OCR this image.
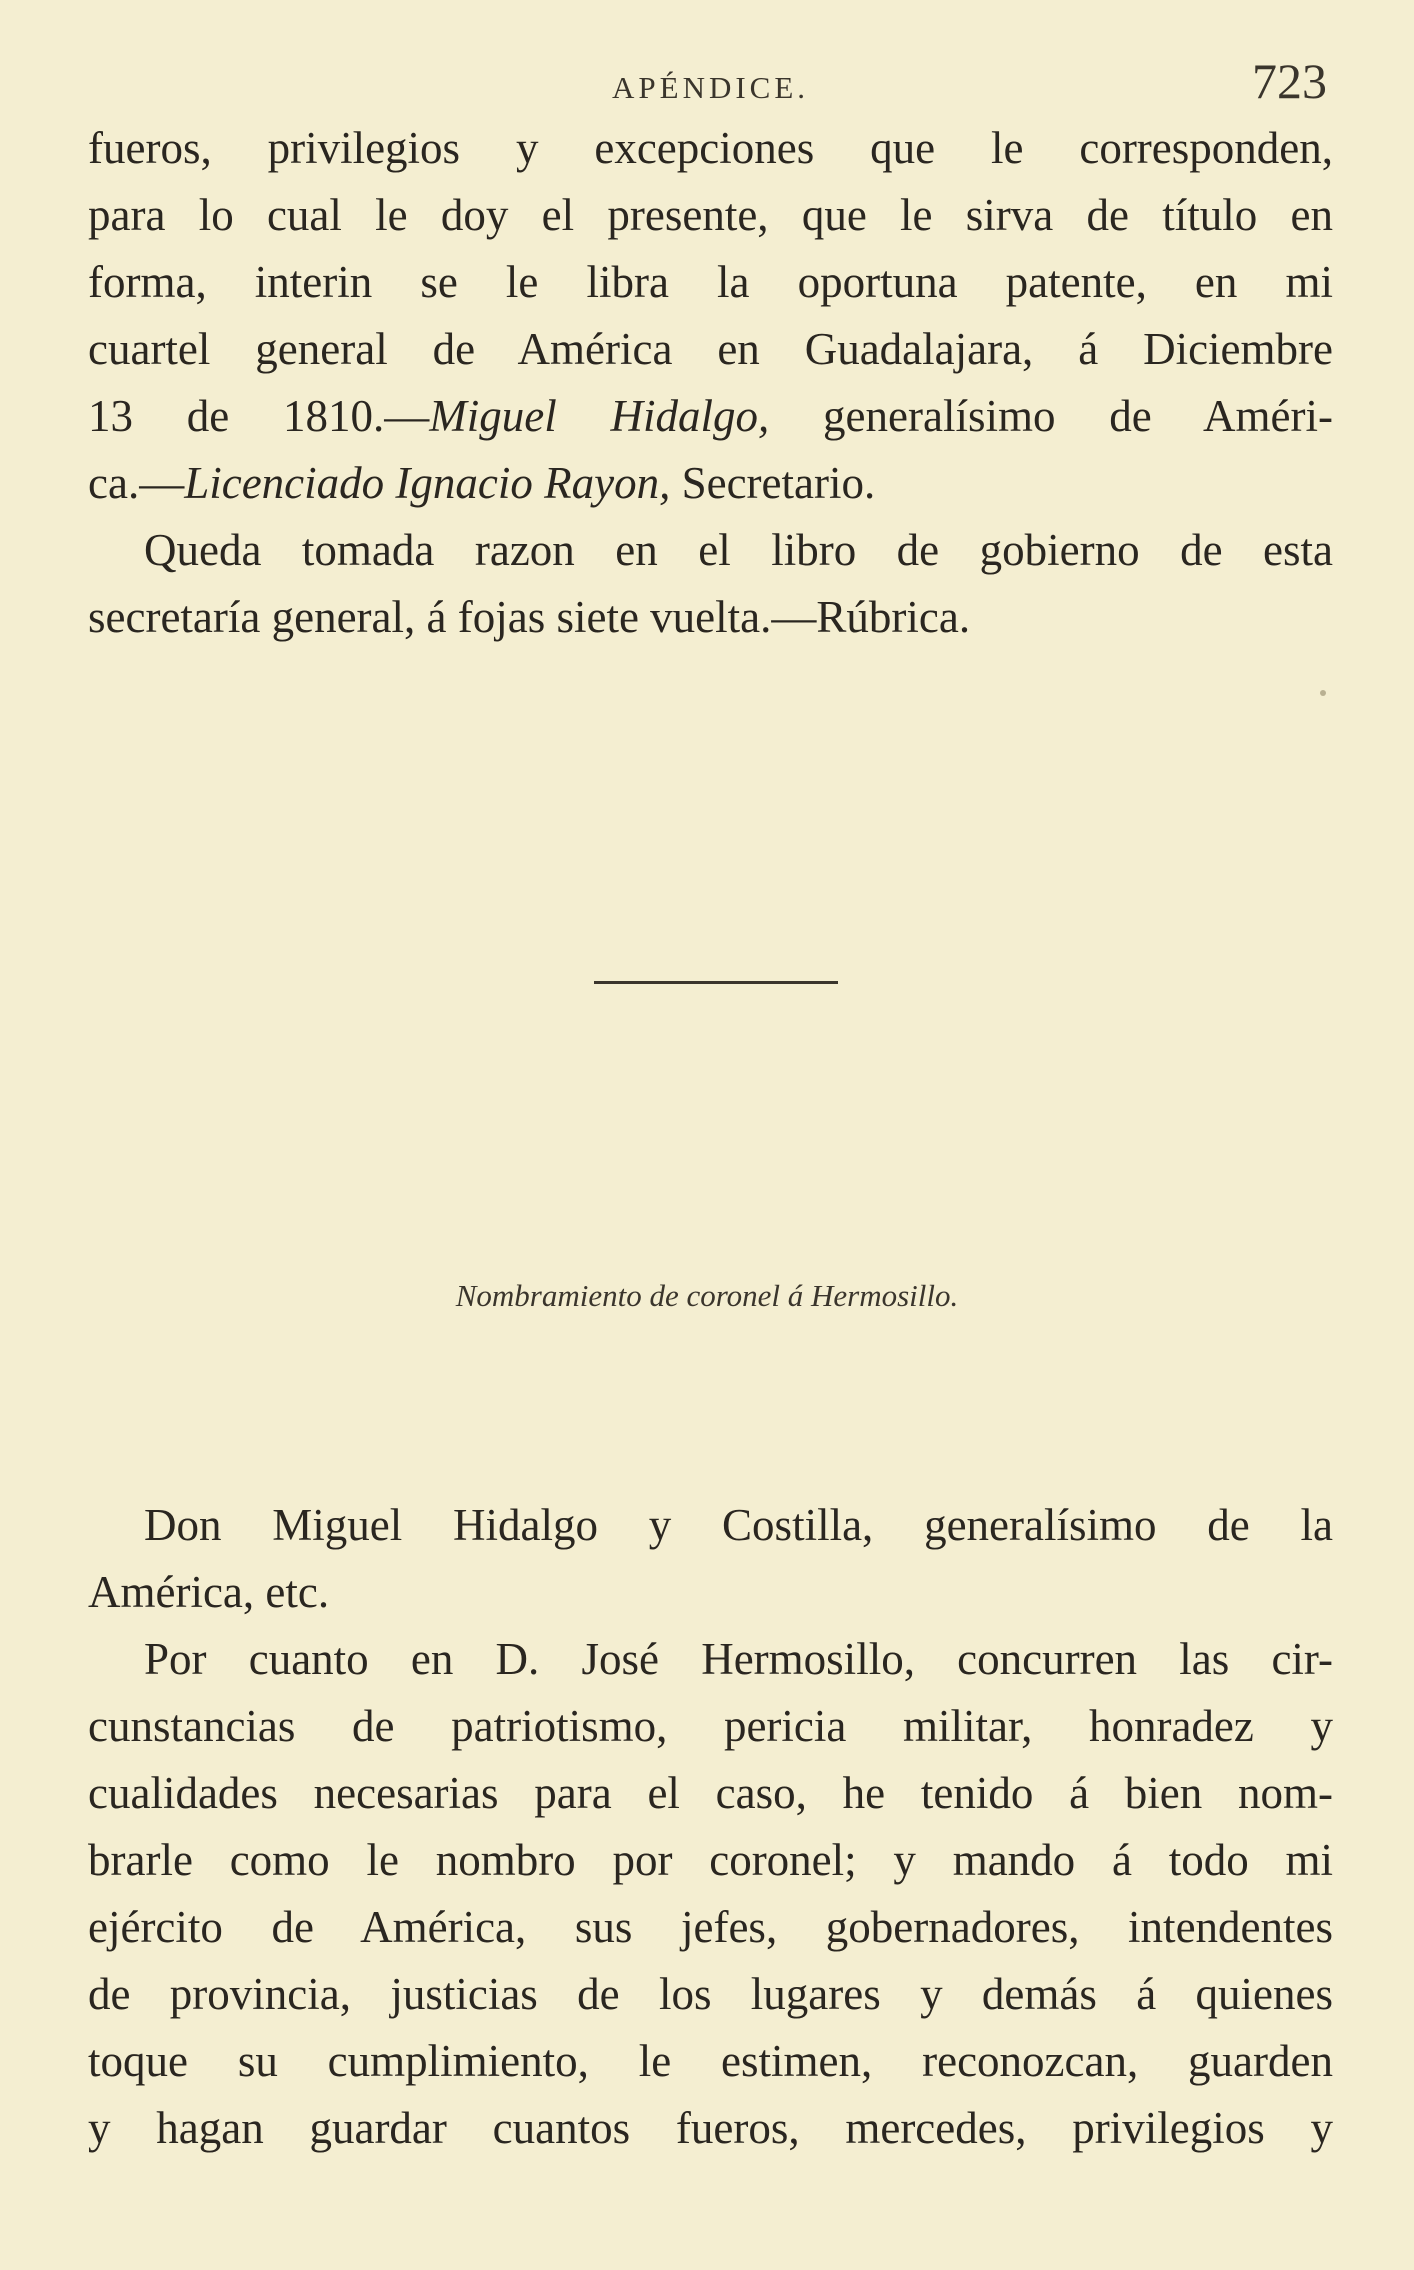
APÉNDICE.	723
fueros, privilegios y excepciones que le corresponden,
para lo cual le doy el presente, que le sirva de título en
forma, interin se le libra la oportuna patente, en mi
cuartel general de América en Guadalajara, á Diciembre
13 de 1810.—Miguel Hidalgo, generalísimo de Améri-
ca.—Licenciado Ignacio Rayon, Secretario.
Queda tomada razon en el libro de gobierno de esta
secretaría general, á fojas siete vuelta.—Rúbrica.
Nombramiento de coronel á Hermosillo.
Don Miguel Hidalgo y Costilla, generalísimo de la
América, etc.
Por cuanto en D. José Hermosillo, concurren las cir-
cunstancias de patriotismo, pericia militar, honradez y
cualidades necesarias para el caso, he tenido á bien nom-
brarle como le nombro por coronel; y mando á todo mi
ejército de América, sus jefes, gobernadores, intendentes
de provincia, justicias de los lugares y demás á quienes
toque su cumplimiento, le estimen, reconozcan, guarden
y hagan guardar cuantos fueros, mercedes, privilegios y
